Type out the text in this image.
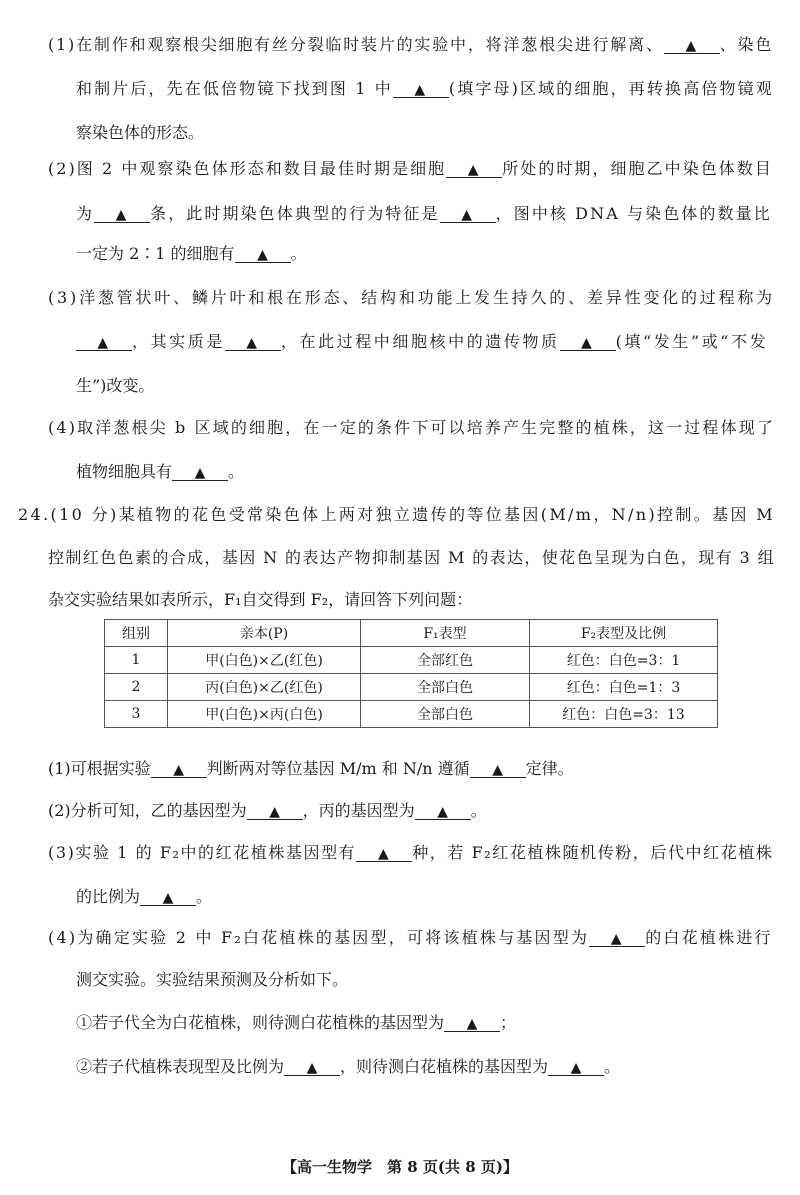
(1)在制作和观察根尖细胞有丝分裂临时装片的实验中，将洋葱根尖进行解离、 ▲ 、染色
和制片后，先在低倍物镜下找到图 1 中 ▲ (填字母)区域的细胞，再转换高倍物镜观
察染色体的形态。
(2)图 2 中观察染色体形态和数目最佳时期是细胞 ▲ 所处的时期，细胞乙中染色体数目
为 ▲ 条，此时期染色体典型的行为特征是 ▲ ，图中核 DNA 与染色体的数量比
一定为 2∶1 的细胞有 ▲ 。
(3)洋葱管状叶、鳞片叶和根在形态、结构和功能上发生持久的、差异性变化的过程称为
▲ ，其实质是 ▲ ，在此过程中细胞核中的遗传物质 ▲ (填“发生”或“不发
生”)改变。
(4)取洋葱根尖 b 区域的细胞，在一定的条件下可以培养产生完整的植株，这一过程体现了
植物细胞具有 ▲ 。
24.(10 分)某植物的花色受常染色体上两对独立遗传的等位基因(M/m，N/n)控制。基因 M
控制红色色素的合成，基因 N 的表达产物抑制基因 M 的表达，使花色呈现为白色，现有 3 组
杂交实验结果如表所示，F₁自交得到 F₂，请回答下列问题：
(1)可根据实验 ▲ 判断两对等位基因 M/m 和 N/n 遵循 ▲ 定律。
(2)分析可知，乙的基因型为 ▲ ，丙的基因型为 ▲ 。
(3)实验 1 的 F₂中的红花植株基因型有 ▲ 种，若 F₂红花植株随机传粉，后代中红花植株
的比例为 ▲ 。
(4)为确定实验 2 中 F₂白花植株的基因型，可将该植株与基因型为 ▲ 的白花植株进行
测交实验。实验结果预测及分析如下。
①若子代全为白花植株，则待测白花植株的基因型为 ▲ ；
②若子代植株表现型及比例为 ▲ ，则待测白花植株的基因型为 ▲ 。
组别	亲本(P)	F₁表型	F₂表型及比例
1	甲(白色)×乙(红色)	全部红色	红色：白色=3：1
2	丙(白色)×乙(红色)	全部白色	红色：白色=1：3
3	甲(白色)×丙(白色)	全部白色	红色：白色=3：13
【高一生物学　第 8 页(共 8 页)】
